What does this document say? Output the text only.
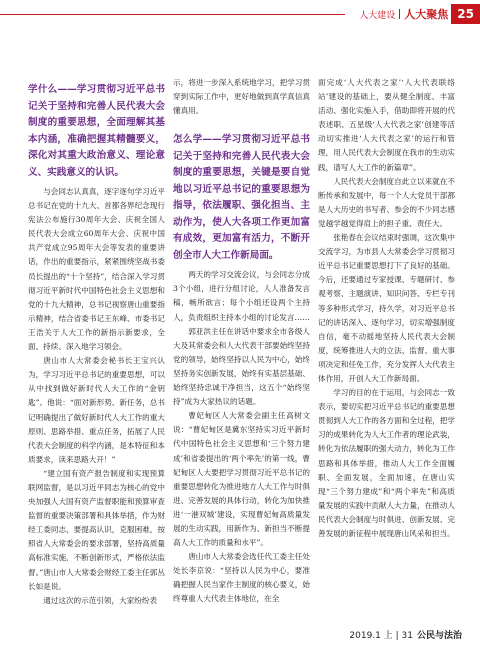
人大建设 人大聚焦 25
学什么——学习贯彻习近平总书记关于坚持和完善人民代表大会制度的重要思想，全面理解其基本内涵，准确把握其精髓要义，深化对其重大政治意义、理论意义、实践意义的认识。

与会同志认真真，逐字逐句学习近平总书记在党的十九大、首都各界纪念现行宪法公布施行30周年大会、庆祝全国人民代表大会成立60周年大会、庆祝中国共产党成立95周年大会等发表的重要讲话，作出的重要指示，紧紧围绕坚战书委员长提出的“十个坚持”，结合深入学习贯彻习近平新时代中国特色社会主义思想和党的十九大精神，总书记视察唐山重要指示精神，结合省委书记王东峰、市委书记王浩关于人大工作的新指示新要求，全面、持续、深入地学习领会。

唐山市人大常委会秘书长王宝兴认为，学习习近平总书记的重要思想，可以从中找到做好新时代人大工作的“金钥匙”。他说：“面对新形势、新任务，总书记明确提出了做好新时代人大工作的重大原则、思路举措、重点任务，拓展了人民代表大会制度的科学内涵，是本特征和本质要求，读来思路大开！”

“建立国有资产报告制度和实现预算联网监督，是以习近平同志为核心的党中央加强人大国有资产监督职能和预算审查监督的重要决策部署和具体举措，作为财经工委同志，要提高认识，克服困难，按照省人大常委会的要求部署，坚持高质量高标准实施，不断创新形式，严格依法监督。”唐山市人大常委会财经工委主任郭丛长如是说。

通过这次的示范引领，大家纷纷表

示，将进一步深入系统地学习，把学习贯穿到实际工作中，更好地做到真学真信真懂真用。

怎么学——学习贯彻习近平总书记关于坚持和完善人民代表大会制度的重要思想，关键是要自觉地以习近平总书记的重要思想为指导，依法履职、强化担当、主动作为，使人大各项工作更加富有成效，更加富有活力，不断开创全市人大工作新局面。

两天的学习交流会议，与会同志分成3个小组，进行分组讨论，人人准备发言稿，畅所欲言；每个小组还设两个主持人，负责组织主持本小组的讨论发言……

郭亚洪主任在讲话中要求全市各级人大及其常委会和人大代表干部要始终坚持党的领导，始终坚持以人民为中心，始终坚持务实创新发展，始终有实基层基础、始终坚持忠诚干净担当，这五个“始终坚持”成为大家热议的话题。

曹妃甸区人大常委会副主任高树文说：“曹妃甸区是冀东坚持实习近平新时代中国特色社会主义思想和‘三个努力建成’和省委提出的‘两个率先’的第一线，曹妃甸区人大要把学习贯彻习近平总书记的重要思想转化为推进地方人大工作与时俱进、完善发展的具体行动，转化为加快推进‘一港双城’建设，实现曹妃甸高质量发展的生动实践，用新作为、新担当不断提高人大工作的质量和水平”。

唐山市人大常委会选任代工委主任处处长李京说：“坚持以人民为中心，要准确把握人民当家作主制度的核心要义，始终尊重人大代表主体地位，在全

面完成‘人大代表之家’‘人大代表联络站’建设的基础上，要从健全制度、丰富活动、强化实施入手，借助即将开展的代表述职、五星级‘人大代表之家’创建等活动切实推进‘人大代表之家’的运行和管理，用人民代表大会制度在我市的生动实践，谱写人大工作的新篇章”。

人民代表大会制度自此立以来就在不断传承和发展中，每一个人大党员干部都是人大历史的书写者、参会的不少同志感觉越学越觉得肩上的担子重、责任大。

张艳春在会议结束时强调，这次集中交流学习，为市县人大常委会学习贯彻习近平总书记重要思想打下了良好的基础。今后，还要通过专家授课、专题研讨、参观考察、主题演讲、知识问答、专栏专刊等多种形式学习，持久学，对习近平总书记的讲话深入、逐句学习，切实增强制度自信，毫不动摇地坚持人民代表大会制度，统筹推进人大的立法、监督、重大事项决定和任免工作，充分发挥人大代表主体作用，开创人大工作新局面。

学习的目的在于运用，与会同志一致表示，要切实把习近平总书记的重要思想贯彻到人大工作的各方面和全过程，把学习的成果转化为人大工作者的理论武装，转化为依法履职的强大动力，转化为工作思路和具体举措，推动人大工作全面履职、全面发展，全面加速，在唐山实现“三个努力建成”和“两个率先”和高质量发展的实践中贡献人大力量，在推动人民代表大会制度与时俱进、创新发展、完善发展的新征程中展现唐山风采和担当。

2019.1 上 | 31 公民与法治
